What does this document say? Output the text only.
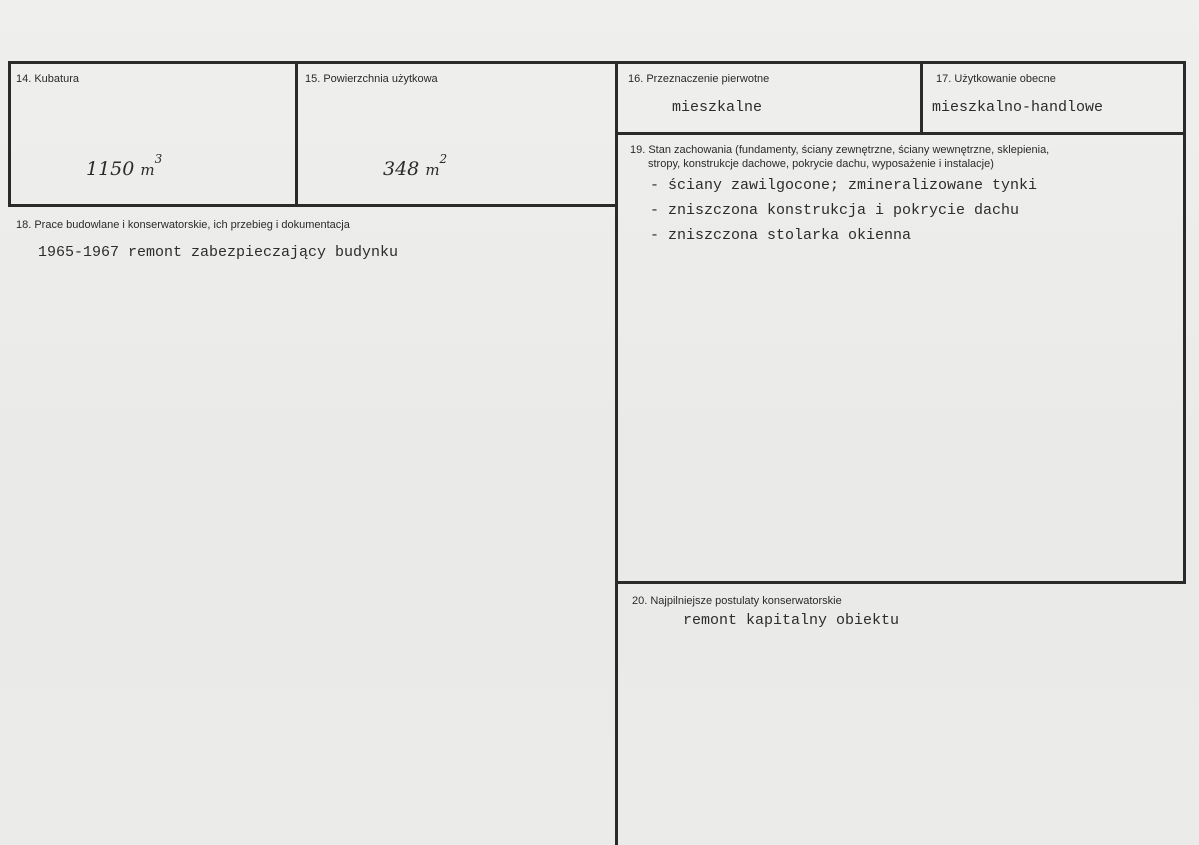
14. Kubatura
1150 $m^3$
15. Powierzchnia użytkowa
348 $m^2$
16. Przeznaczenie pierwotne
mieszkalne
17. Użytkowanie obecne
mieszkalno-handlowe
18. Prace budowlane i konserwatorskie, ich przebieg i dokumentacja
1965-1967 remont zabezpieczający budynku
19. Stan zachowania (fundamenty, ściany zewnętrzne, ściany wewnętrzne, sklepienia,
stropy, konstrukcje dachowe, pokrycie dachu, wyposażenie i instalacje)
- ściany zawilgocone; zmineralizowane tynki
- zniszczona konstrukcja i pokrycie dachu
- zniszczona stolarka okienna
20. Najpilniejsze postulaty konserwatorskie
remont kapitalny obiektu
